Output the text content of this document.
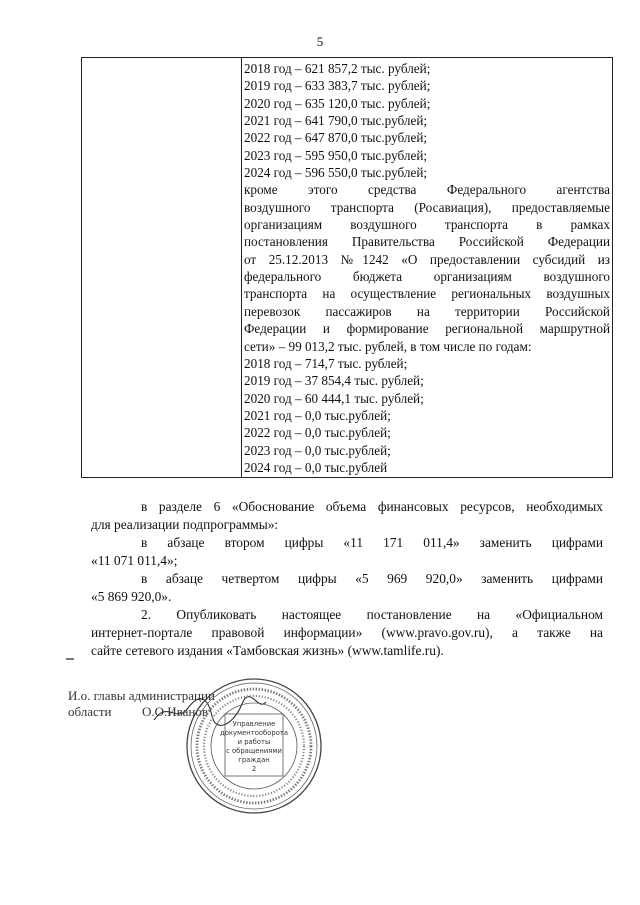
5
2018 год – 621 857,2 тыс. рублей;
2019 год – 633 383,7 тыс. рублей;
2020 год – 635 120,0 тыс. рублей;
2021 год – 641 790,0 тыс.рублей;
2022 год – 647 870,0 тыс.рублей;
2023 год – 595 950,0 тыс.рублей;
2024 год – 596 550,0 тыс.рублей;
кроме этого средства Федерального агентства
воздушного транспорта (Росавиация), предоставляемые
организациям воздушного транспорта в рамках
постановления Правительства Российской Федерации
от 25.12.2013 №1242 «О предоставлении субсидий из
федерального бюджета организациям воздушного
транспорта на осуществление региональных воздушных
перевозок пассажиров на территории Российской
Федерации и формирование региональной маршрутной
сети» – 99 013,2 тыс. рублей, в том числе по годам:
2018 год – 714,7 тыс. рублей;
2019 год – 37 854,4 тыс. рублей;
2020 год – 60 444,1 тыс. рублей;
2021 год – 0,0 тыс.рублей;
2022 год – 0,0 тыс.рублей;
2023 год – 0,0 тыс.рублей;
2024 год – 0,0 тыс.рублей
в разделе 6 «Обоснование объема финансовых ресурсов, необходимых
для реализации подпрограммы»:
в абзаце втором цифры «11 171 011,4» заменить цифрами
«11 071 011,4»;
в абзаце четвертом цифры «5 969 920,0» заменить цифрами
«5 869 920,0».
2. Опубликовать настоящее постановление на «Официальном
интернет-портале правовой информации» (www.pravo.gov.ru), а также на
сайте сетевого издания «Тамбовская жизнь» (www.tamlife.ru).
И.о. главы администрации
области О.О.Иванов
Управление
документооборота
и работы
с обращениями
граждан
2
